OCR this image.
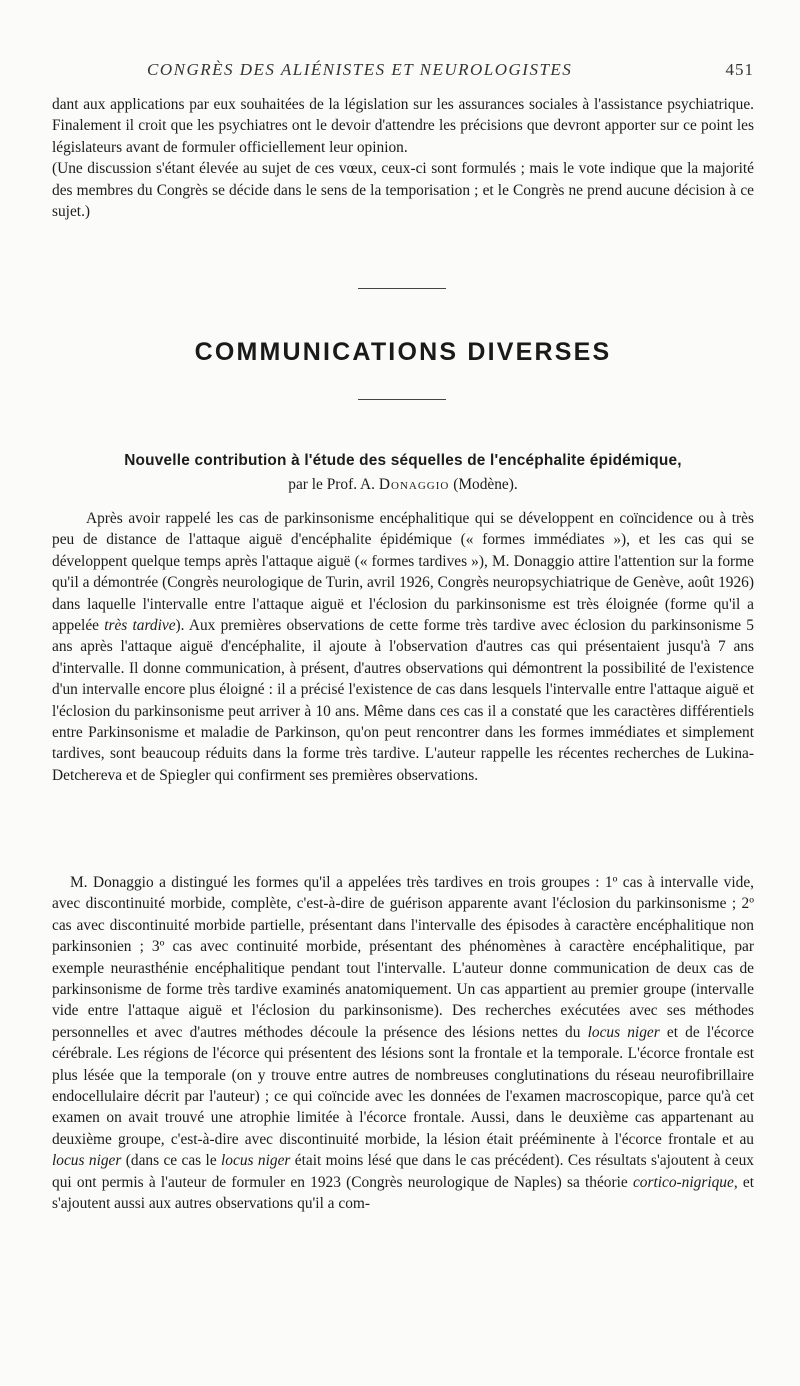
CONGRÈS DES ALIÉNISTES ET NEUROLOGISTES	451

dant aux applications par eux souhaitées de la législation sur les assurances sociales à l'assistance psychiatrique. Finalement il croit que les psychiatres ont le devoir d'attendre les précisions que devront apporter sur ce point les législateurs avant de formuler officiellement leur opinion.

(Une discussion s'étant élevée au sujet de ces vœux, ceux-ci sont formulés ; mais le vote indique que la majorité des membres du Congrès se décide dans le sens de la temporisation ; et le Congrès ne prend aucune décision à ce sujet.)

COMMUNICATIONS DIVERSES
Nouvelle contribution à l'étude des séquelles de l'encéphalite épidémique,

par le Prof. A. Donaggio (Modène).

Après avoir rappelé les cas de parkinsonisme encéphalitique qui se développent en coïncidence ou à très peu de distance de l'attaque aiguë d'encéphalite épidémique (« formes immédiates »), et les cas qui se développent quelque temps après l'attaque aiguë (« formes tardives »), M. Donaggio attire l'attention sur la forme qu'il a démontrée (Congrès neurologique de Turin, avril 1926, Congrès neuropsychiatrique de Genève, août 1926) dans laquelle l'intervalle entre l'attaque aiguë et l'éclosion du parkinsonisme est très éloignée (forme qu'il a appelée très tardive). Aux premières observations de cette forme très tardive avec éclosion du parkinsonisme 5 ans après l'attaque aiguë d'encéphalite, il ajoute à l'observation d'autres cas qui présentaient jusqu'à 7 ans d'intervalle. Il donne communication, à présent, d'autres observations qui démontrent la possibilité de l'existence d'un intervalle encore plus éloigné : il a précisé l'existence de cas dans lesquels l'intervalle entre l'attaque aiguë et l'éclosion du parkinsonisme peut arriver à 10 ans. Même dans ces cas il a constaté que les caractères différentiels entre Parkinsonisme et maladie de Parkinson, qu'on peut rencontrer dans les formes immédiates et simplement tardives, sont beaucoup réduits dans la forme très tardive. L'auteur rappelle les récentes recherches de Lukina-Detchereva et de Spiegler qui confirment ses premières observations.

M. Donaggio a distingué les formes qu'il a appelées très tardives en trois groupes : 1º cas à intervalle vide, avec discontinuité morbide, complète, c'est-à-dire de guérison apparente avant l'éclosion du parkinsonisme ; 2º cas avec discontinuité morbide partielle, présentant dans l'intervalle des épisodes à caractère encéphalitique non parkinsonien ; 3º cas avec continuité morbide, présentant des phénomènes à caractère encéphalitique, par exemple neurasthénie encéphalitique pendant tout l'intervalle. L'auteur donne communication de deux cas de parkinsonisme de forme très tardive examinés anatomiquement. Un cas appartient au premier groupe (intervalle vide entre l'attaque aiguë et l'éclosion du parkinsonisme). Des recherches exécutées avec ses méthodes personnelles et avec d'autres méthodes découle la présence des lésions nettes du locus niger et de l'écorce cérébrale. Les régions de l'écorce qui présentent des lésions sont la frontale et la temporale. L'écorce frontale est plus lésée que la temporale (on y trouve entre autres de nombreuses conglutinations du réseau neurofibrillaire endocellulaire décrit par l'auteur) ; ce qui coïncide avec les données de l'examen macroscopique, parce qu'à cet examen on avait trouvé une atrophie limitée à l'écorce frontale. Aussi, dans le deuxième cas appartenant au deuxième groupe, c'est-à-dire avec discontinuité morbide, la lésion était prééminente à l'écorce frontale et au locus niger (dans ce cas le locus niger était moins lésé que dans le cas précédent). Ces résultats s'ajoutent à ceux qui ont permis à l'auteur de formuler en 1923 (Congrès neurologique de Naples) sa théorie cortico-nigrique, et s'ajoutent aussi aux autres observations qu'il a com-
